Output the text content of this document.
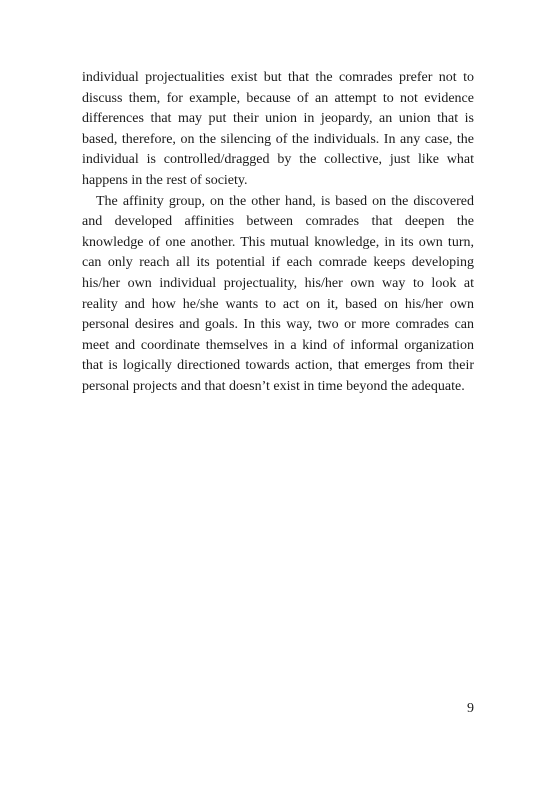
individual projectualities exist but that the comrades prefer not to discuss them, for example, because of an attempt to not evidence differences that may put their union in jeopardy, an union that is based, therefore, on the silencing of the individuals. In any case, the individual is controlled/dragged by the collective, just like what happens in the rest of society.

The affinity group, on the other hand, is based on the discovered and developed affinities between comrades that deepen the knowledge of one another. This mutual knowledge, in its own turn, can only reach all its potential if each comrade keeps developing his/her own individual projectuality, his/her own way to look at reality and how he/she wants to act on it, based on his/her own personal desires and goals. In this way, two or more comrades can meet and coordinate themselves in a kind of informal organization that is logically directioned towards action, that emerges from their personal projects and that doesn’t exist in time beyond the adequate.

9
